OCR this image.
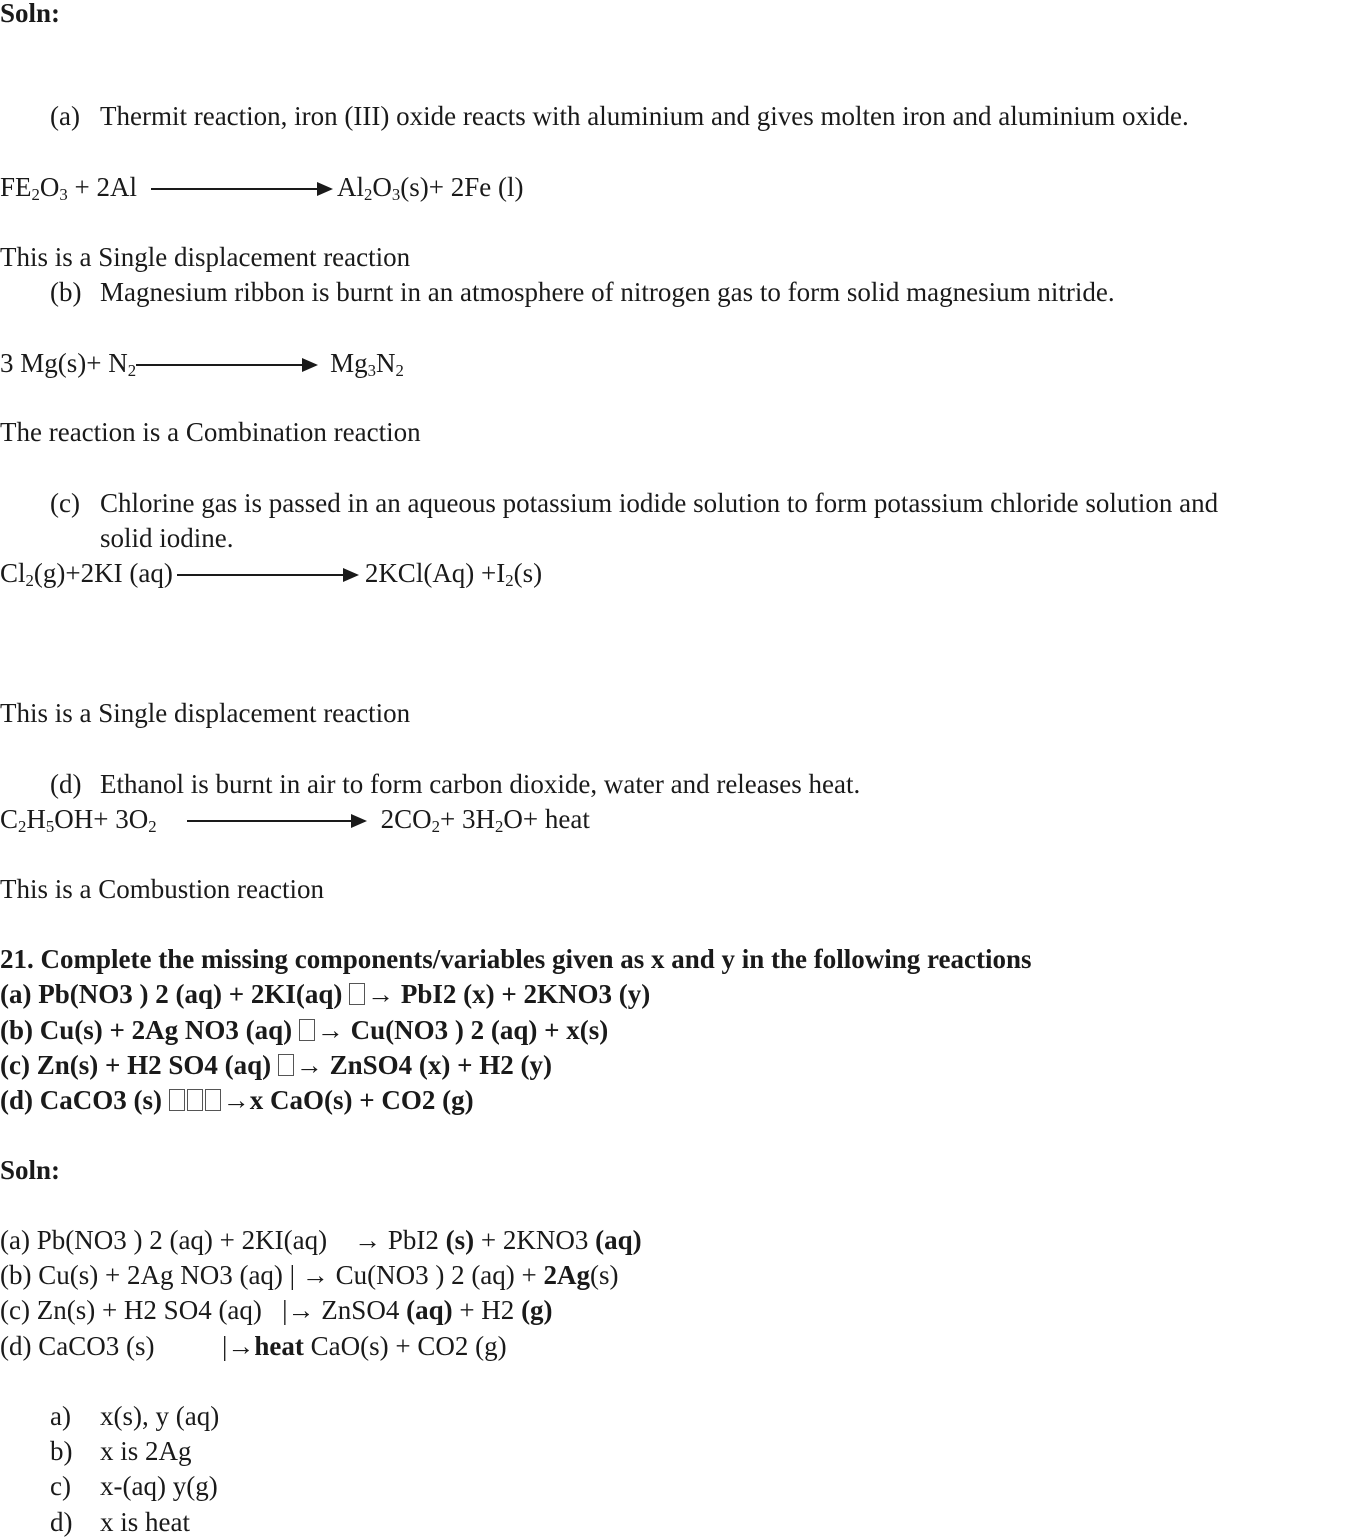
Soln:
(a) Thermit reaction, iron (III) oxide reacts with aluminium and gives molten iron and aluminium oxide.
$FE_2O_3 + 2Al$	$Al_2O_3(s)+ 2Fe$ (l)
This is a Single displacement reaction
(b) Magnesium ribbon is burnt in an atmosphere of nitrogen gas to form solid magnesium nitride.
3 $Mg(s)+ N_2$	$Mg_3N_2$
The reaction is a Combination reaction
(c) Chlorine gas is passed in an aqueous potassium iodide solution to form potassium chloride solution and
solid iodine.
$Cl_2(g)+2KI$ (aq)	$2KCl(Aq) +I_2(s)$
This is a Single displacement reaction
(d) Ethanol is burnt in air to form carbon dioxide, water and releases heat.
$C_2H_5OH+ 3O_2$	$2CO_2+ 3H_2O+$ heat
This is a Combustion reaction
21. Complete the missing components/variables given as x and y in the following reactions
(a) Pb(NO3 ) 2 (aq) + 2KI(aq) → PbI2 (x) + 2KNO3 (y)
(b) Cu(s) + 2Ag NO3 (aq) → Cu(NO3 ) 2 (aq) + x(s)
(c) Zn(s) + H2 SO4 (aq) → ZnSO4 (x) + H2 (y)
(d) CaCO3 (s) →x CaO(s) + CO2 (g)
Soln:
(a) Pb(NO3 ) 2 (aq) + 2KI(aq)    → PbI2 (s) + 2KNO3 (aq)
(b) Cu(s) + 2Ag NO3 (aq) | → Cu(NO3 ) 2 (aq) + 2Ag(s)
(c) Zn(s) + H2 SO4 (aq)   |→ ZnSO4 (aq) + H2 (g)
(d) CaCO3 (s)          |→heat CaO(s) + CO2 (g)
a) x(s), y (aq)
b) x is 2Ag
c) x-(aq) y(g)
d) x is heat
